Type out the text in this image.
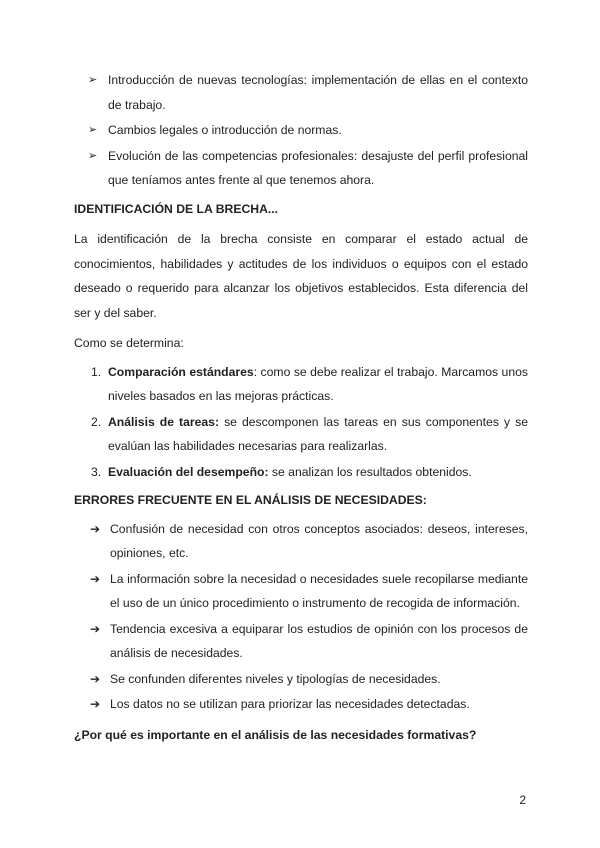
➢ Introducción de nuevas tecnologías: implementación de ellas en el contexto de trabajo.
➢ Cambios legales o introducción de normas.
➢ Evolución de las competencias profesionales: desajuste del perfil profesional que teníamos antes frente al que tenemos ahora.
IDENTIFICACIÓN DE LA BRECHA...
La identificación de la brecha consiste en comparar el estado actual de conocimientos, habilidades y actitudes de los individuos o equipos con el estado deseado o requerido para alcanzar los objetivos establecidos. Esta diferencia del ser y del saber.
Como se determina:
1. Comparación estándares: como se debe realizar el trabajo. Marcamos unos niveles basados en las mejoras prácticas.
2. Análisis de tareas: se descomponen las tareas en sus componentes y se evalúan las habilidades necesarias para realizarlas.
3. Evaluación del desempeño: se analizan los resultados obtenidos.
ERRORES FRECUENTE EN EL ANÁLISIS DE NECESIDADES:
➔ Confusión de necesidad con otros conceptos asociados: deseos, intereses, opiniones, etc.
➔ La información sobre la necesidad o necesidades suele recopilarse mediante el uso de un único procedimiento o instrumento de recogida de información.
➔ Tendencia excesiva a equiparar los estudios de opinión con los procesos de análisis de necesidades.
➔ Se confunden diferentes niveles y tipologías de necesidades.
➔ Los datos no se utilizan para priorizar las necesidades detectadas.
¿Por qué es importante en el análisis de las necesidades formativas?
2
